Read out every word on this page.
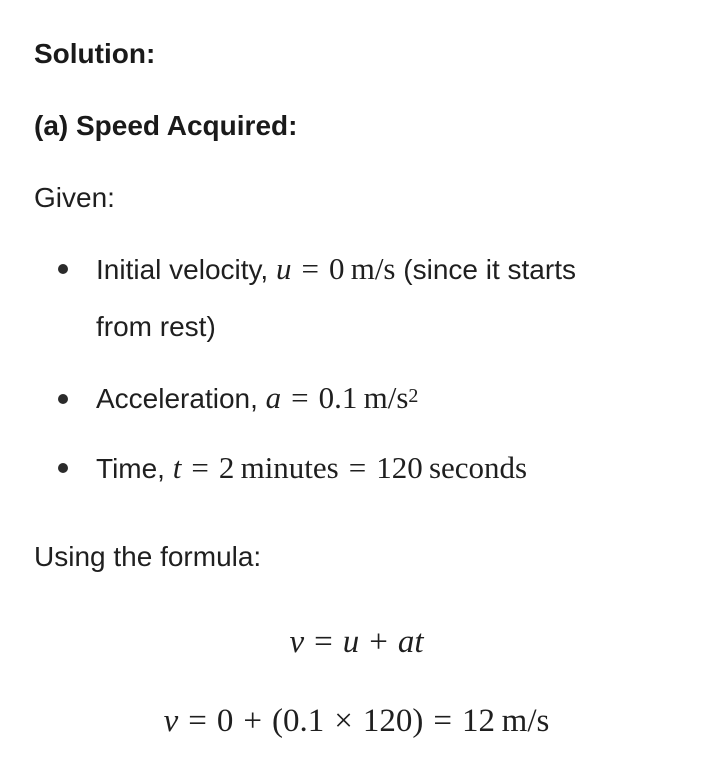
Solution:
(a) Speed Acquired:
Given:
Initial velocity, u = 0  m/s (since it starts
from rest)
Acceleration, a = 0.1  $m/s^2$
Time, t = 2  minutes = 120  seconds
Using the formula:
v = u + at
v = 0 + (0.1 × 120) = 12  m/s
